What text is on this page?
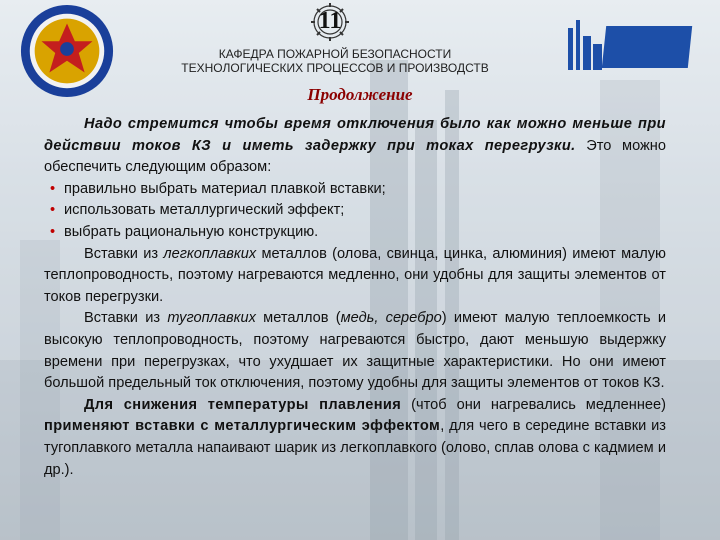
11
КАФЕДРА ПОЖАРНОЙ БЕЗОПАСНОСТИ
ТЕХНОЛОГИЧЕСКИХ ПРОЦЕССОВ И ПРОИЗВОДСТВ
Продолжение

Надо стремится чтобы время отключения было как можно меньше при действии токов КЗ и иметь задержку при токах перегрузки. Это можно обеспечить следующим образом:

• правильно выбрать материал плавкой вставки;
• использовать металлургический эффект;
• выбрать рациональную конструкцию.

Вставки из легкоплавких металлов (олова, свинца, цинка, алюминия) имеют малую теплопроводность, поэтому нагреваются медленно, они удобны для защиты элементов от токов перегрузки.

Вставки из тугоплавких металлов (медь, серебро) имеют малую теплоемкость и высокую теплопроводность, поэтому нагреваются быстро, дают меньшую выдержку времени при перегрузках, что ухудшает их защитные характеристики. Но они имеют большой предельный ток отключения, поэтому удобны для защиты элементов от токов КЗ.

Для снижения температуры плавления (чтоб они нагревались медленнее) применяют вставки с металлургическим эффектом, для чего в середине вставки из тугоплавкого металла напаивают шарик из легкоплавкого (олово, сплав олова с кадмием и др.).
